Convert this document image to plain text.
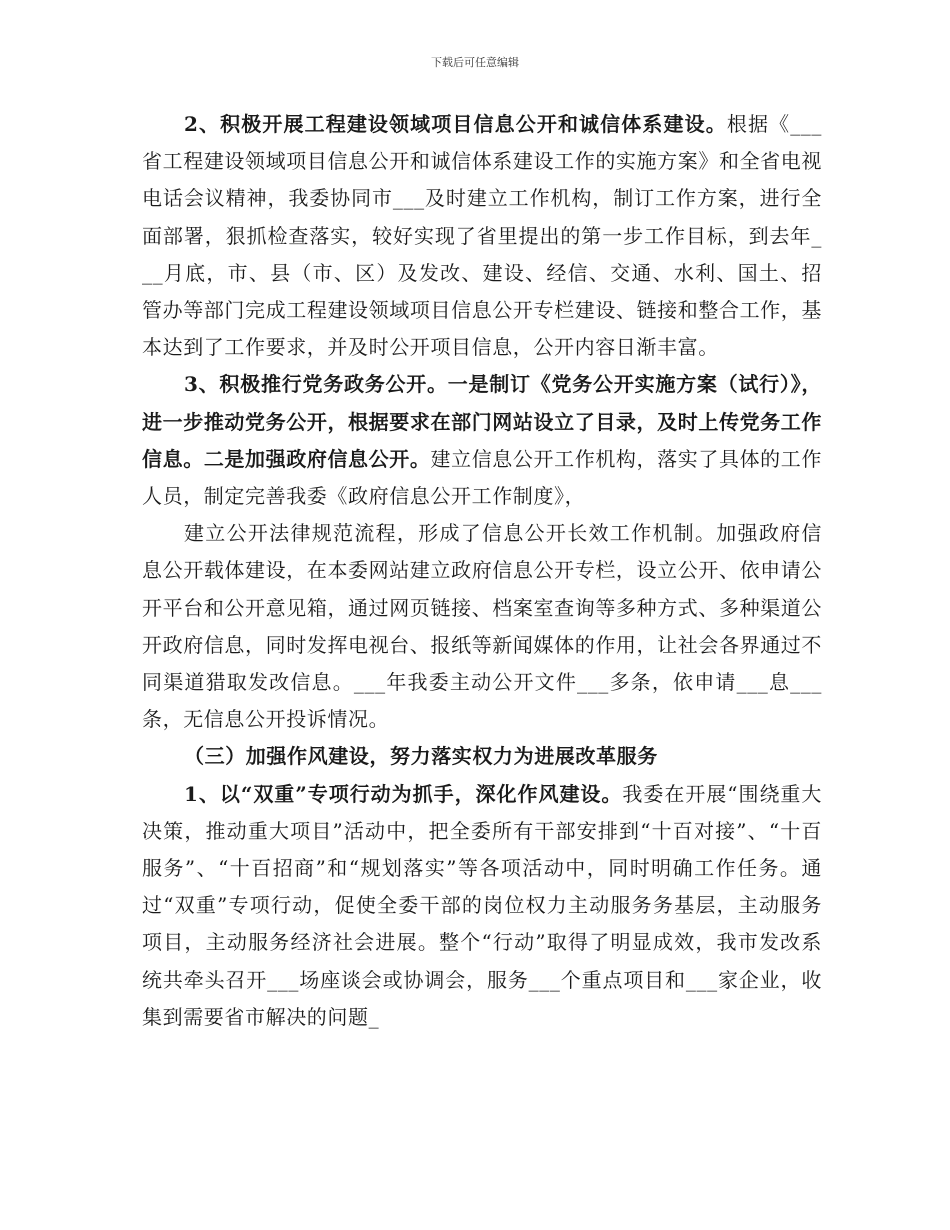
下载后可任意编辑

2、积极开展工程建设领域项目信息公开和诚信体系建设。根据《___省工程建设领域项目信息公开和诚信体系建设工作的实施方案》和全省电视电话会议精神，我委协同市___及时建立工作机构，制订工作方案，进行全面部署，狠抓检查落实，较好实现了省里提出的第一步工作目标，到去年___月底，市、县（市、区）及发改、建设、经信、交通、水利、国土、招管办等部门完成工程建设领域项目信息公开专栏建设、链接和整合工作，基本达到了工作要求，并及时公开项目信息，公开内容日渐丰富。

3、积极推行党务政务公开。一是制订《党务公开实施方案（试行）》，进一步推动党务公开，根据要求在部门网站设立了目录，及时上传党务工作信息。二是加强政府信息公开。建立信息公开工作机构，落实了具体的工作人员，制定完善我委《政府信息公开工作制度》，

建立公开法律规范流程，形成了信息公开长效工作机制。加强政府信息公开载体建设，在本委网站建立政府信息公开专栏，设立公开、依申请公开平台和公开意见箱，通过网页链接、档案室查询等多种方式、多种渠道公开政府信息，同时发挥电视台、报纸等新闻媒体的作用，让社会各界通过不同渠道猎取发改信息。___年我委主动公开文件___多条，依申请___息___条，无信息公开投诉情况。

（三）加强作风建设，努力落实权力为进展改革服务

1、以“双重”专项行动为抓手，深化作风建设。我委在开展“围绕重大决策，推动重大项目”活动中，把全委所有干部安排到“十百对接”、“十百服务”、“十百招商”和“规划落实”等各项活动中，同时明确工作任务。通过“双重”专项行动，促使全委干部的岗位权力主动服务务基层，主动服务项目，主动服务经济社会进展。整个“行动”取得了明显成效，我市发改系统共牵头召开___场座谈会或协调会，服务___个重点项目和___家企业，收集到需要省市解决的问题_
